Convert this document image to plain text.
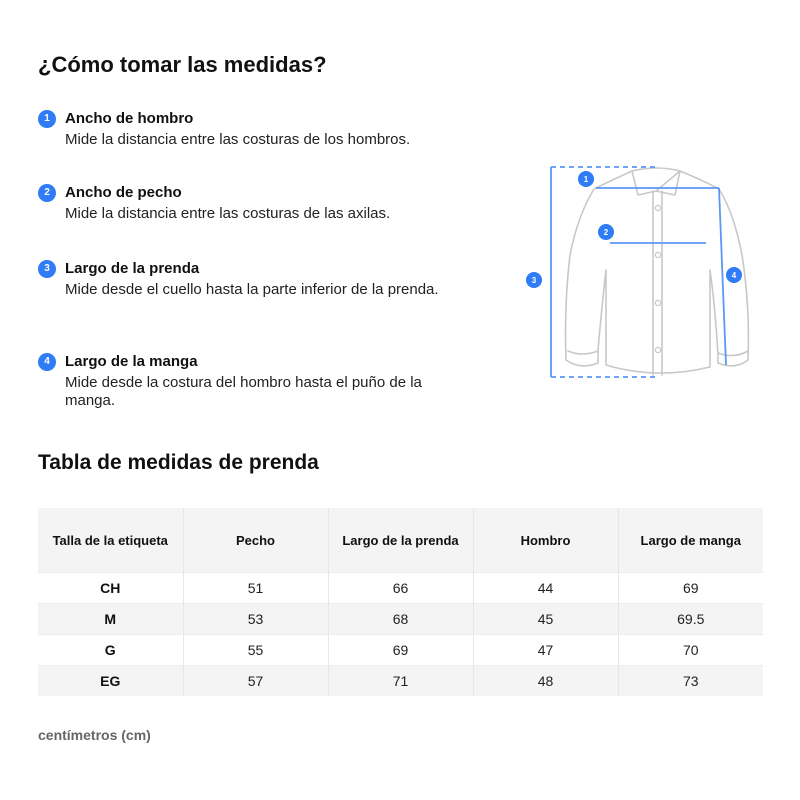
¿Cómo tomar las medidas?
1	Ancho de hombro
Mide la distancia entre las costuras de los hombros.
2	Ancho de pecho
Mide la distancia entre las costuras de las axilas.
3	Largo de la prenda
Mide desde el cuello hasta la parte inferior de la prenda.
4	Largo de la manga
Mide desde la costura del hombro hasta el puño de la manga.
1
2
3
4
Tabla de medidas de prenda
Talla de la etiqueta	Pecho	Largo de la prenda	Hombro	Largo de manga
CH	51	66	44	69
M	53	68	45	69.5
G	55	69	47	70
EG	57	71	48	73
centímetros (cm)
